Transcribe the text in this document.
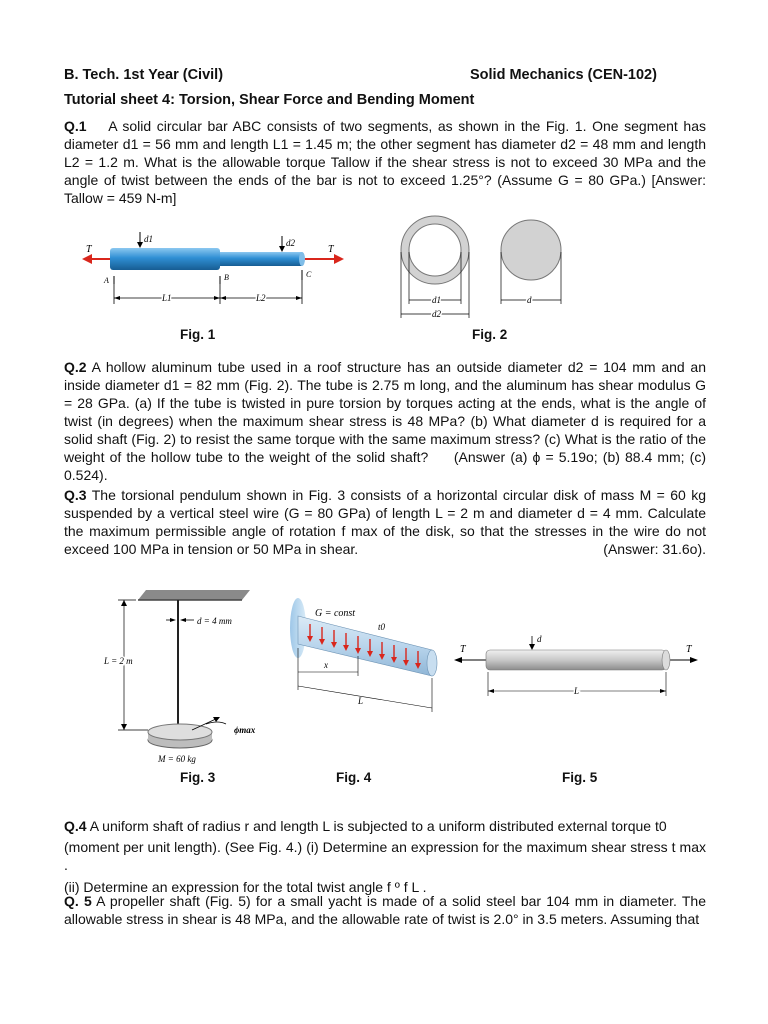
B. Tech. 1st Year (Civil)	Solid Mechanics (CEN-102)
Tutorial sheet 4: Torsion, Shear Force and Bending Moment
Q.1 A solid circular bar ABC consists of two segments, as shown in the Fig. 1. One segment has diameter d1 = 56 mm and length L1 = 1.45 m; the other segment has diameter d2 = 48 mm and length L2 = 1.2 m. What is the allowable torque Tallow if the shear stress is not to exceed 30 MPa and the angle of twist between the ends of the bar is not to exceed 1.25°? (Assume G = 80 GPa.) [Answer: Tallow = 459 N-m]
T	T
d1	d2
A	B	C
L1	L2	d1
d2
d
Fig. 1	Fig. 2
Q.2 A hollow aluminum tube used in a roof structure has an outside diameter d2 = 104 mm and an inside diameter d1 = 82 mm (Fig. 2). The tube is 2.75 m long, and the aluminum has shear modulus G = 28 GPa. (a) If the tube is twisted in pure torsion by torques acting at the ends, what is the angle of twist (in degrees) when the maximum shear stress is 48 MPa? (b) What diameter d is required for a solid shaft (Fig. 2) to resist the same torque with the same maximum stress? (c) What is the ratio of the weight of the hollow tube to the weight of the solid shaft? (Answer (a) ϕ = 5.19o; (b) 88.4 mm; (c) 0.524).
Q.3 The torsional pendulum shown in Fig. 3 consists of a horizontal circular disk of mass M = 60 kg suspended by a vertical steel wire (G = 80 GPa) of length L = 2 m and diameter d = 4 mm. Calculate the maximum permissible angle of rotation f max of the disk, so that the stresses in the wire do not exceed 100 MPa in tension or 50 MPa in shear.	(Answer: 31.6o).
d = 4 mm
L = 2 m
ϕmax
M = 60 kg
G = const
t0
x
L
T	T
d
L
Fig. 3	Fig. 4	Fig. 5
Q.4 A uniform shaft of radius r and length L is subjected to a uniform distributed external torque t0
(moment per unit length). (See Fig. 4.) (i) Determine an expression for the maximum shear stress t max .
(ii) Determine an expression for the total twist angle f º f L .
Q. 5 A propeller shaft (Fig. 5) for a small yacht is made of a solid steel bar 104 mm in diameter. The allowable stress in shear is 48 MPa, and the allowable rate of twist is 2.0° in 3.5 meters. Assuming that
